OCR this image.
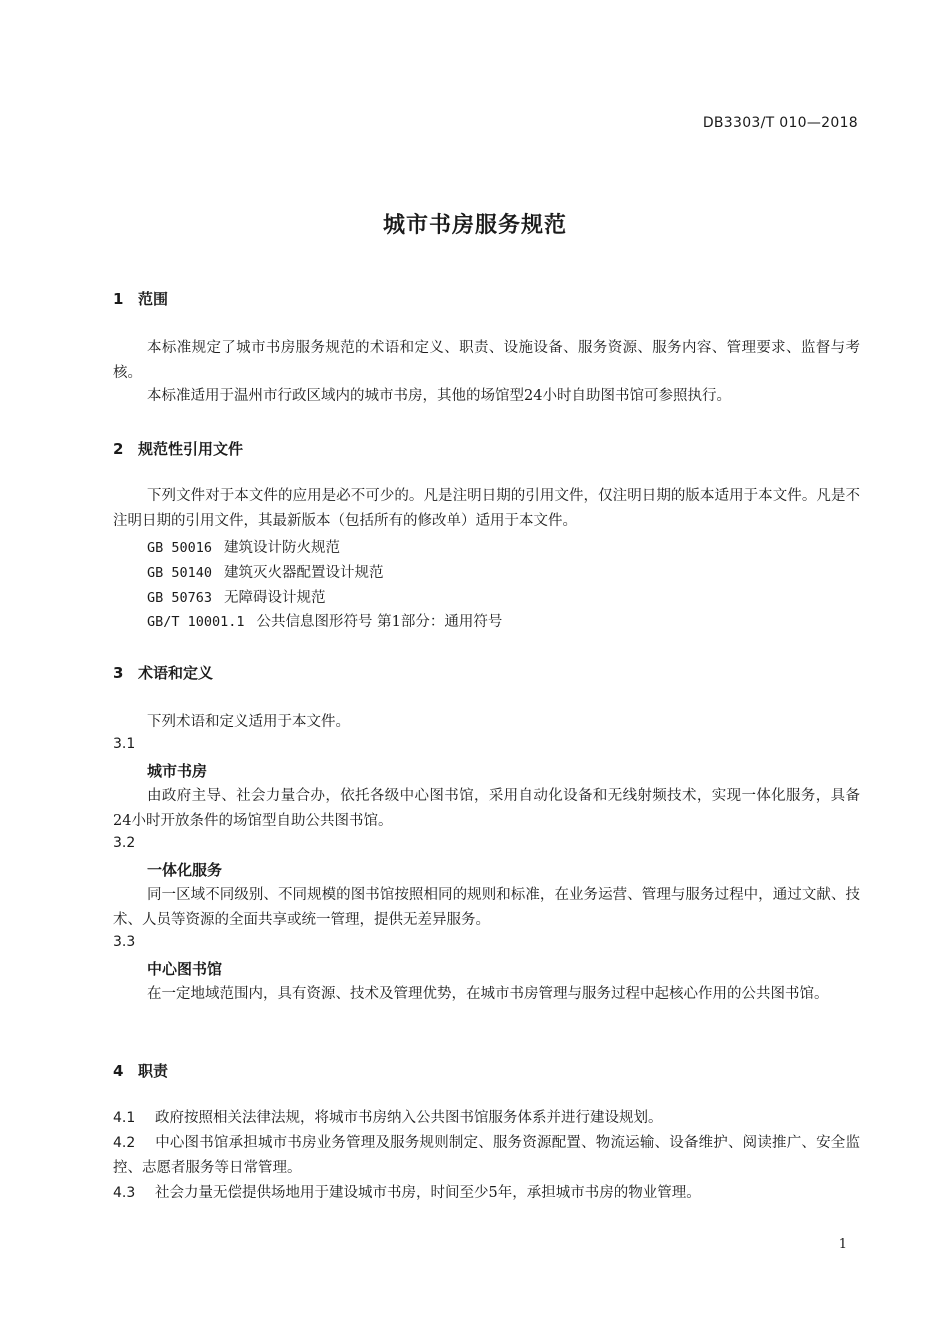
DB3303/T 010—2018
城市书房服务规范
1 范围
本标准规定了城市书房服务规范的术语和定义、职责、设施设备、服务资源、服务内容、管理要求、监督与考核。
本标准适用于温州市行政区域内的城市书房，其他的场馆型24小时自助图书馆可参照执行。
2 规范性引用文件
下列文件对于本文件的应用是必不可少的。凡是注明日期的引用文件，仅注明日期的版本适用于本文件。凡是不注明日期的引用文件，其最新版本（包括所有的修改单）适用于本文件。
GB 50016 建筑设计防火规范
GB 50140 建筑灭火器配置设计规范
GB 50763 无障碍设计规范
GB/T 10001.1 公共信息图形符号 第1部分：通用符号
3 术语和定义
下列术语和定义适用于本文件。
3.1
城市书房
由政府主导、社会力量合办，依托各级中心图书馆，采用自动化设备和无线射频技术，实现一体化服务，具备24小时开放条件的场馆型自助公共图书馆。
3.2
一体化服务
同一区域不同级别、不同规模的图书馆按照相同的规则和标准，在业务运营、管理与服务过程中，通过文献、技术、人员等资源的全面共享或统一管理，提供无差异服务。
3.3
中心图书馆
在一定地域范围内，具有资源、技术及管理优势，在城市书房管理与服务过程中起核心作用的公共图书馆。
4 职责
4.1 政府按照相关法律法规，将城市书房纳入公共图书馆服务体系并进行建设规划。
4.2 中心图书馆承担城市书房业务管理及服务规则制定、服务资源配置、物流运输、设备维护、阅读推广、安全监控、志愿者服务等日常管理。
4.3 社会力量无偿提供场地用于建设城市书房，时间至少5年，承担城市书房的物业管理。
1
